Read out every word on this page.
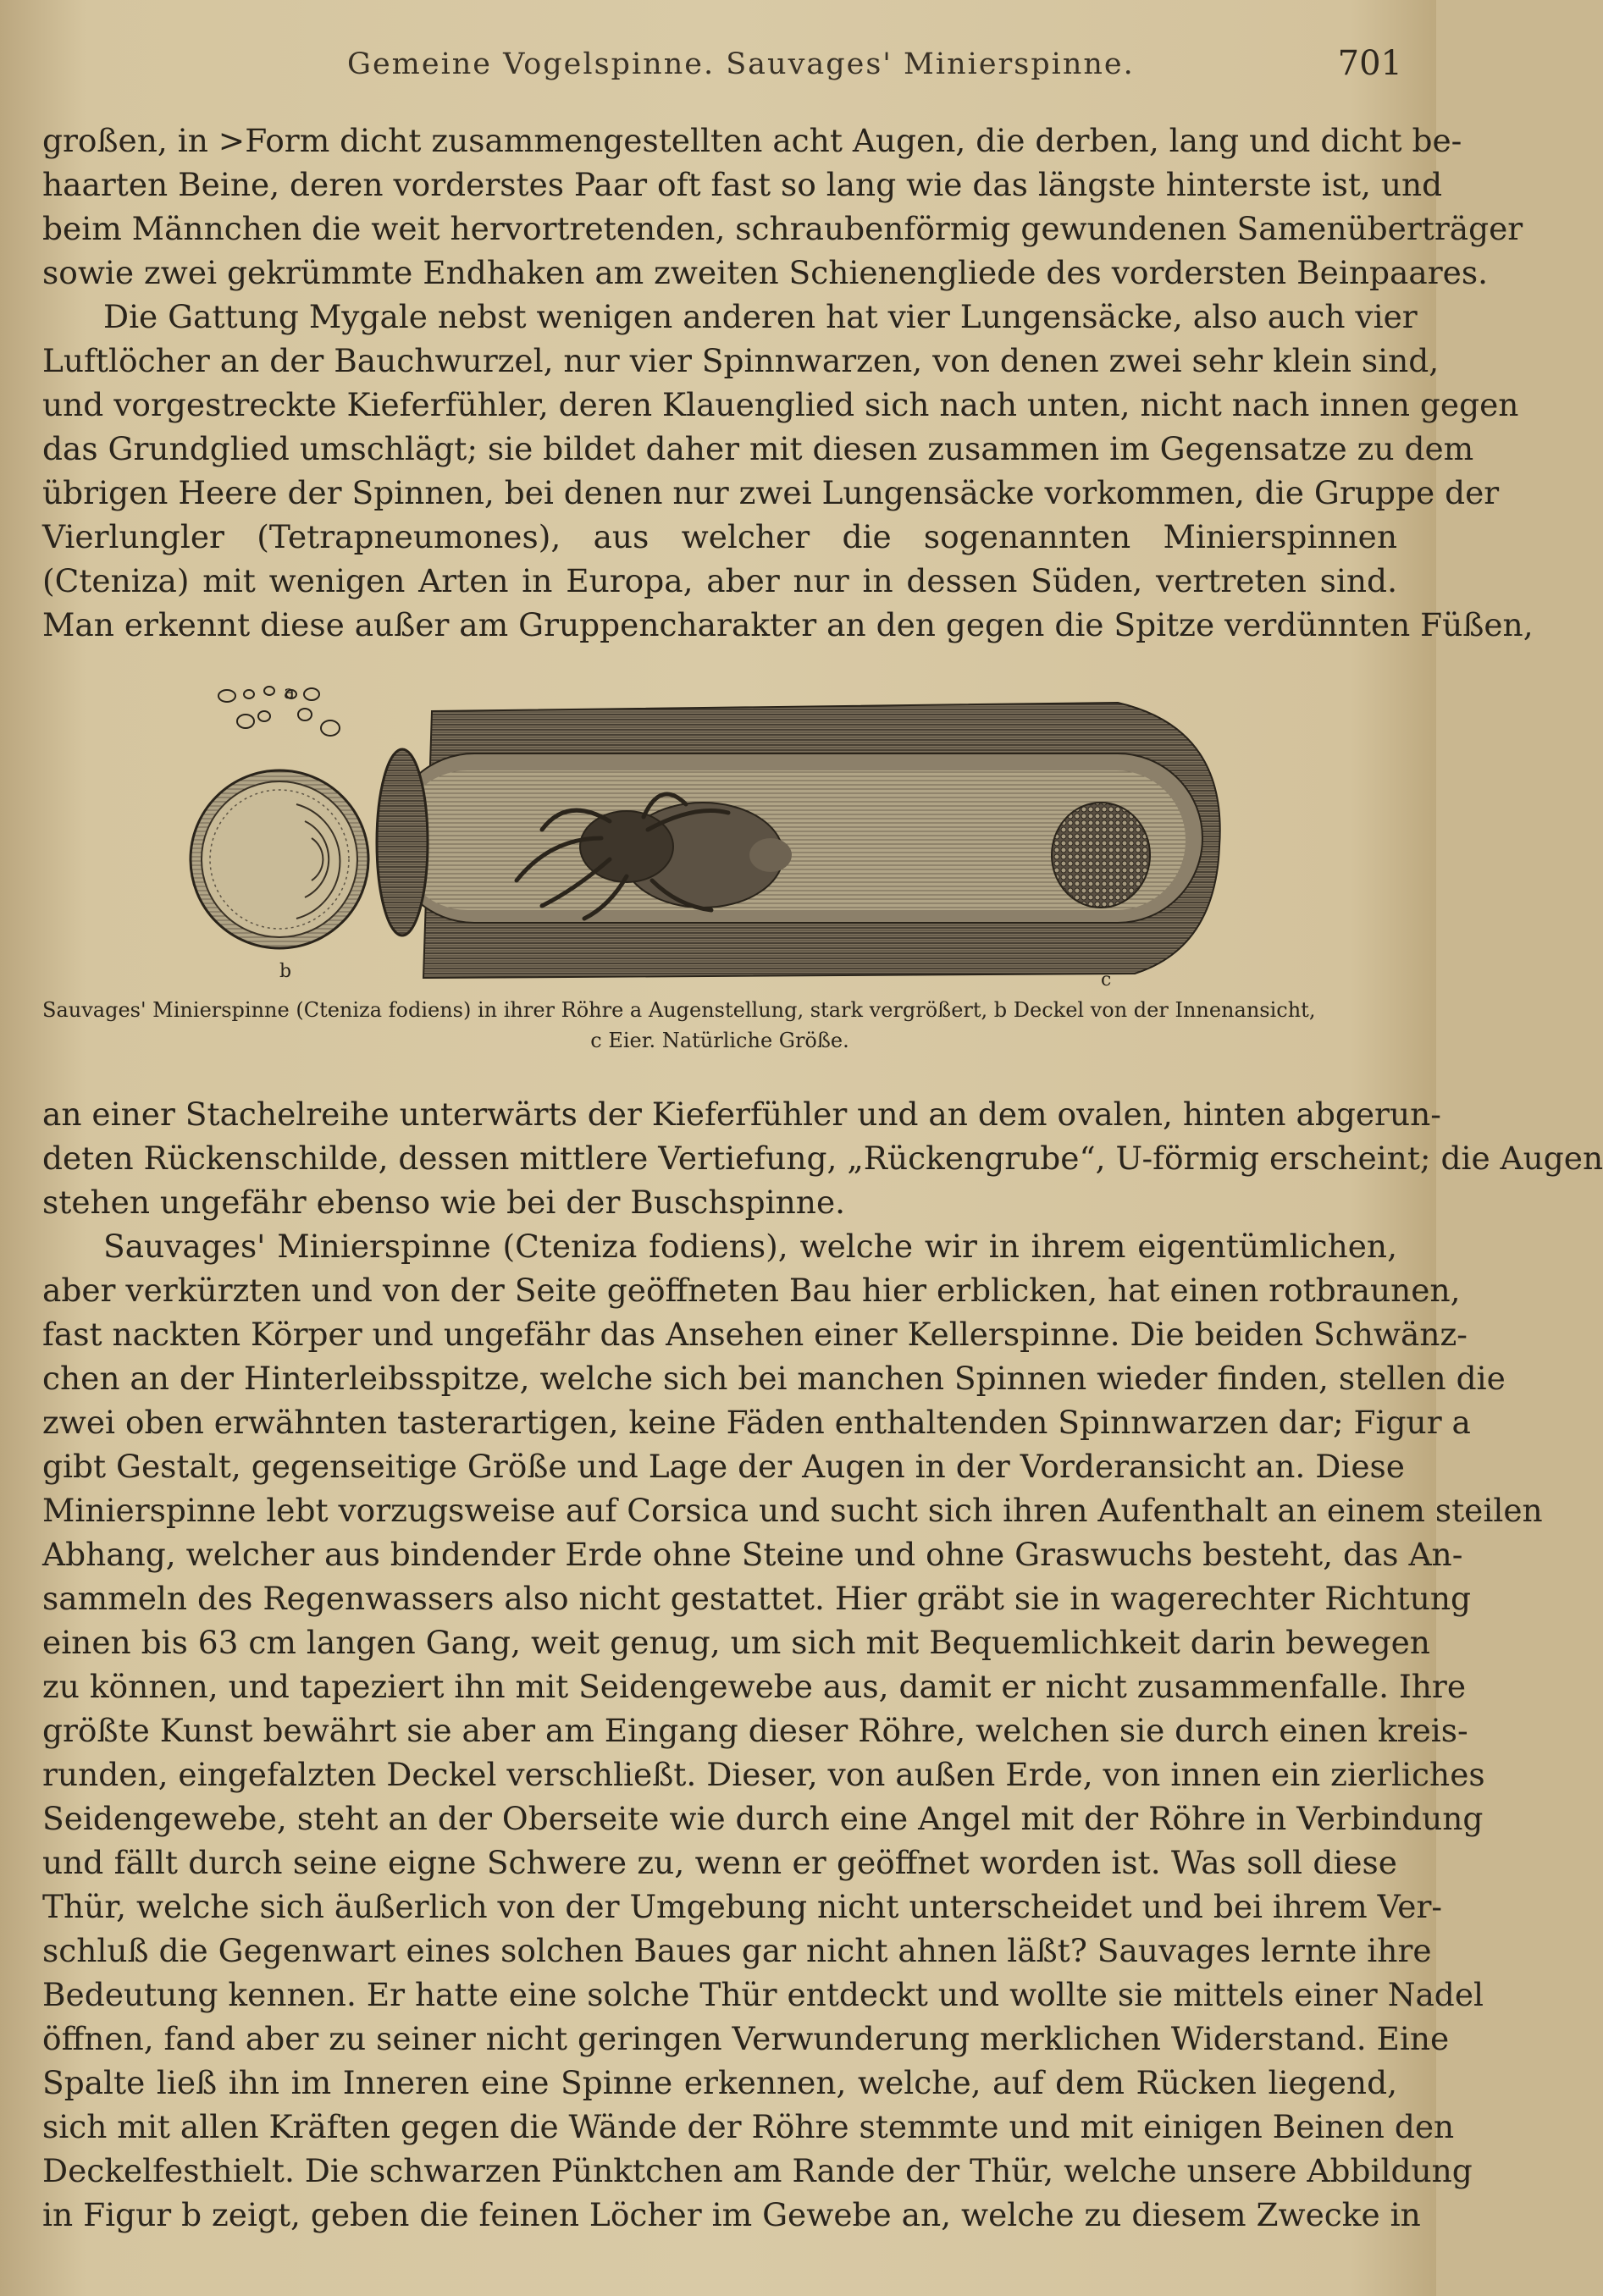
Gemeine Vogelspinne. Sauvages' Minierspinne.	701
großen, in >Form dicht zusammengestellten acht Augen, die derben, lang und dicht be-
haarten Beine, deren vorderstes Paar oft fast so lang wie das längste hinterste ist, und
beim Männchen die weit hervortretenden, schraubenförmig gewundenen Samenüberträger
sowie zwei gekrümmte Endhaken am zweiten Schienengliede des vordersten Beinpaares.
Die Gattung Mygale nebst wenigen anderen hat vier Lungensäcke, also auch vier
Luftlöcher an der Bauchwurzel, nur vier Spinnwarzen, von denen zwei sehr klein sind,
und vorgestreckte Kieferfühler, deren Klauenglied sich nach unten, nicht nach innen gegen
das Grundglied umschlägt; sie bildet daher mit diesen zusammen im Gegensatze zu dem
übrigen Heere der Spinnen, bei denen nur zwei Lungensäcke vorkommen, die Gruppe der
Vierlungler (Tetrapneumones), aus welcher die sogenannten Minierspinnen
(Cteniza) mit wenigen Arten in Europa, aber nur in dessen Süden, vertreten sind.
Man erkennt diese außer am Gruppencharakter an den gegen die Spitze verdünnten Füßen,
a
b	c
Sauvages' Minierspinne (Cteniza fodiens) in ihrer Röhre a Augenstellung, stark vergrößert, b Deckel von der Innenansicht,
c Eier. Natürliche Größe.
an einer Stachelreihe unterwärts der Kieferfühler und an dem ovalen, hinten abgerun-
deten Rückenschilde, dessen mittlere Vertiefung, „Rückengrube“, U-förmig erscheint; die Augen
stehen ungefähr ebenso wie bei der Buschspinne.
Sauvages' Minierspinne (Cteniza fodiens), welche wir in ihrem eigentümlichen,
aber verkürzten und von der Seite geöffneten Bau hier erblicken, hat einen rotbraunen,
fast nackten Körper und ungefähr das Ansehen einer Kellerspinne. Die beiden Schwänz-
chen an der Hinterleibsspitze, welche sich bei manchen Spinnen wieder finden, stellen die
zwei oben erwähnten tasterartigen, keine Fäden enthaltenden Spinnwarzen dar; Figur a
gibt Gestalt, gegenseitige Größe und Lage der Augen in der Vorderansicht an. Diese
Minierspinne lebt vorzugsweise auf Corsica und sucht sich ihren Aufenthalt an einem steilen
Abhang, welcher aus bindender Erde ohne Steine und ohne Graswuchs besteht, das An-
sammeln des Regenwassers also nicht gestattet. Hier gräbt sie in wagerechter Richtung
einen bis 63 cm langen Gang, weit genug, um sich mit Bequemlichkeit darin bewegen
zu können, und tapeziert ihn mit Seidengewebe aus, damit er nicht zusammenfalle. Ihre
größte Kunst bewährt sie aber am Eingang dieser Röhre, welchen sie durch einen kreis-
runden, eingefalzten Deckel verschließt. Dieser, von außen Erde, von innen ein zierliches
Seidengewebe, steht an der Oberseite wie durch eine Angel mit der Röhre in Verbindung
und fällt durch seine eigne Schwere zu, wenn er geöffnet worden ist. Was soll diese
Thür, welche sich äußerlich von der Umgebung nicht unterscheidet und bei ihrem Ver-
schluß die Gegenwart eines solchen Baues gar nicht ahnen läßt? Sauvages lernte ihre
Bedeutung kennen. Er hatte eine solche Thür entdeckt und wollte sie mittels einer Nadel
öffnen, fand aber zu seiner nicht geringen Verwunderung merklichen Widerstand. Eine
Spalte ließ ihn im Inneren eine Spinne erkennen, welche, auf dem Rücken liegend,
sich mit allen Kräften gegen die Wände der Röhre stemmte und mit einigen Beinen den
Deckelfesthielt. Die schwarzen Pünktchen am Rande der Thür, welche unsere Abbildung
in Figur b zeigt, geben die feinen Löcher im Gewebe an, welche zu diesem Zwecke in
